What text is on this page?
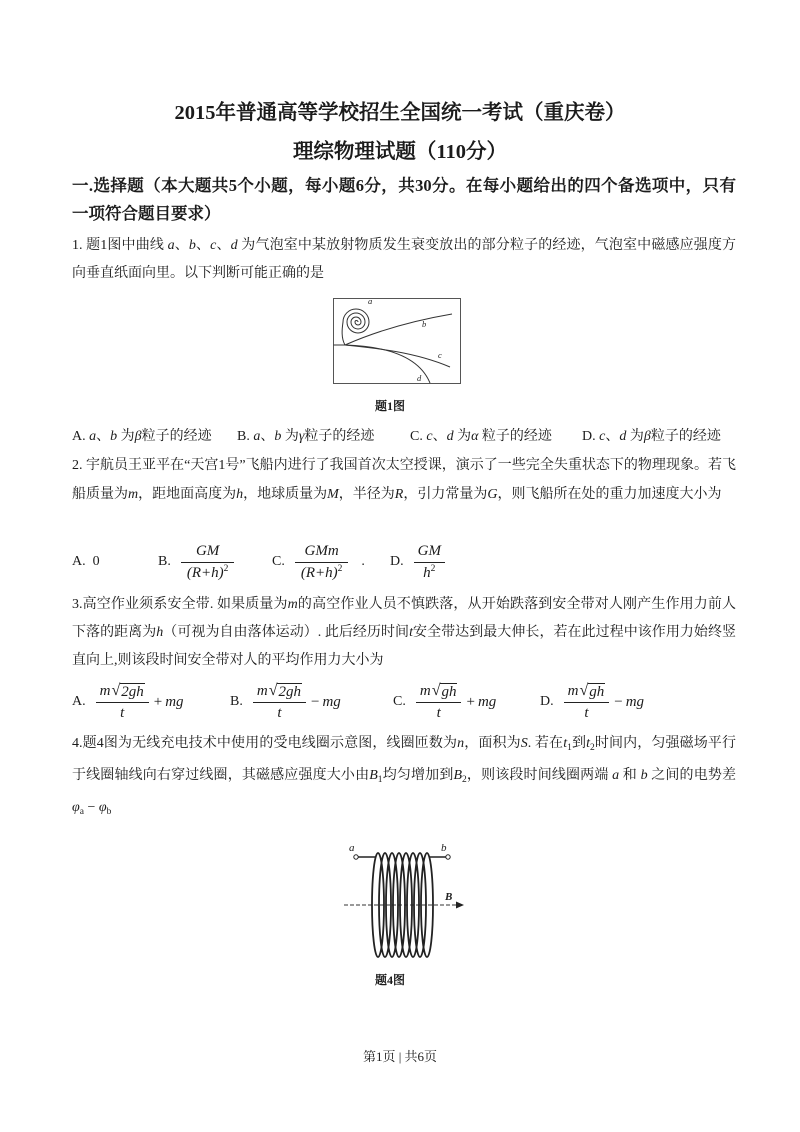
2015年普通高等学校招生全国统一考试（重庆卷）
理综物理试题（110分）
一.选择题（本大题共5个小题，每小题6分，共30分。在每小题给出的四个备选项中，只有一项符合题目要求）
1. 题1图中曲线 a、b、c、d 为气泡室中某放射物质发生衰变放出的部分粒子的经迹，气泡室中磁感应强度方向垂直纸面向里。以下判断可能正确的是
a
b
c
d
题1图
A. a、b 为β粒子的经迹 B. a、b 为γ粒子的经迹	C. c、d 为α 粒子的经迹 D. c、d 为β粒子的经迹
2. 宇航员王亚平在“天宫1号”飞船内进行了我国首次太空授课，演示了一些完全失重状态下的物理现象。若飞船质量为m，距地面高度为h，地球质量为M，半径为R，引力常量为G，则飞船所在处的重力加速度大小为
A. 0	B. $\frac{GM}{(R+h)^2}$	C. $\frac{\text{GMm}}{(R+h)^2}$ . D. $\frac{GM}{h^2}$
3.高空作业须系安全带. 如果质量为m的高空作业人员不慎跌落，从开始跌落到安全带对人刚产生作用力前人下落的距离为h（可视为自由落体运动）. 此后经历时间t安全带达到最大伸长，若在此过程中该作用力始终竖直向上,则该段时间安全带对人的平均作用力大小为
A. $\frac{m √ 2gh}{t}$ + mg	B. $\frac{m √ 2gh}{t}$ − mg	C. $\frac{m √ gh}{t}$ + mg	D. $\frac{m √ gh}{t}$ − mg
4.题4图为无线充电技术中使用的受电线圈示意图，线圈匝数为n，面积为S. 若在$t_1$到$t_2$时间内，匀强磁场平行于线圈轴线向右穿过线圈，其磁感应强度大小由$B_1$均匀增加到$B_2$，则该段时间线圈两端 a 和 b 之间的电势差$\varphi_a - \varphi_b$
a	b
B
题4图
第1页 | 共6页
